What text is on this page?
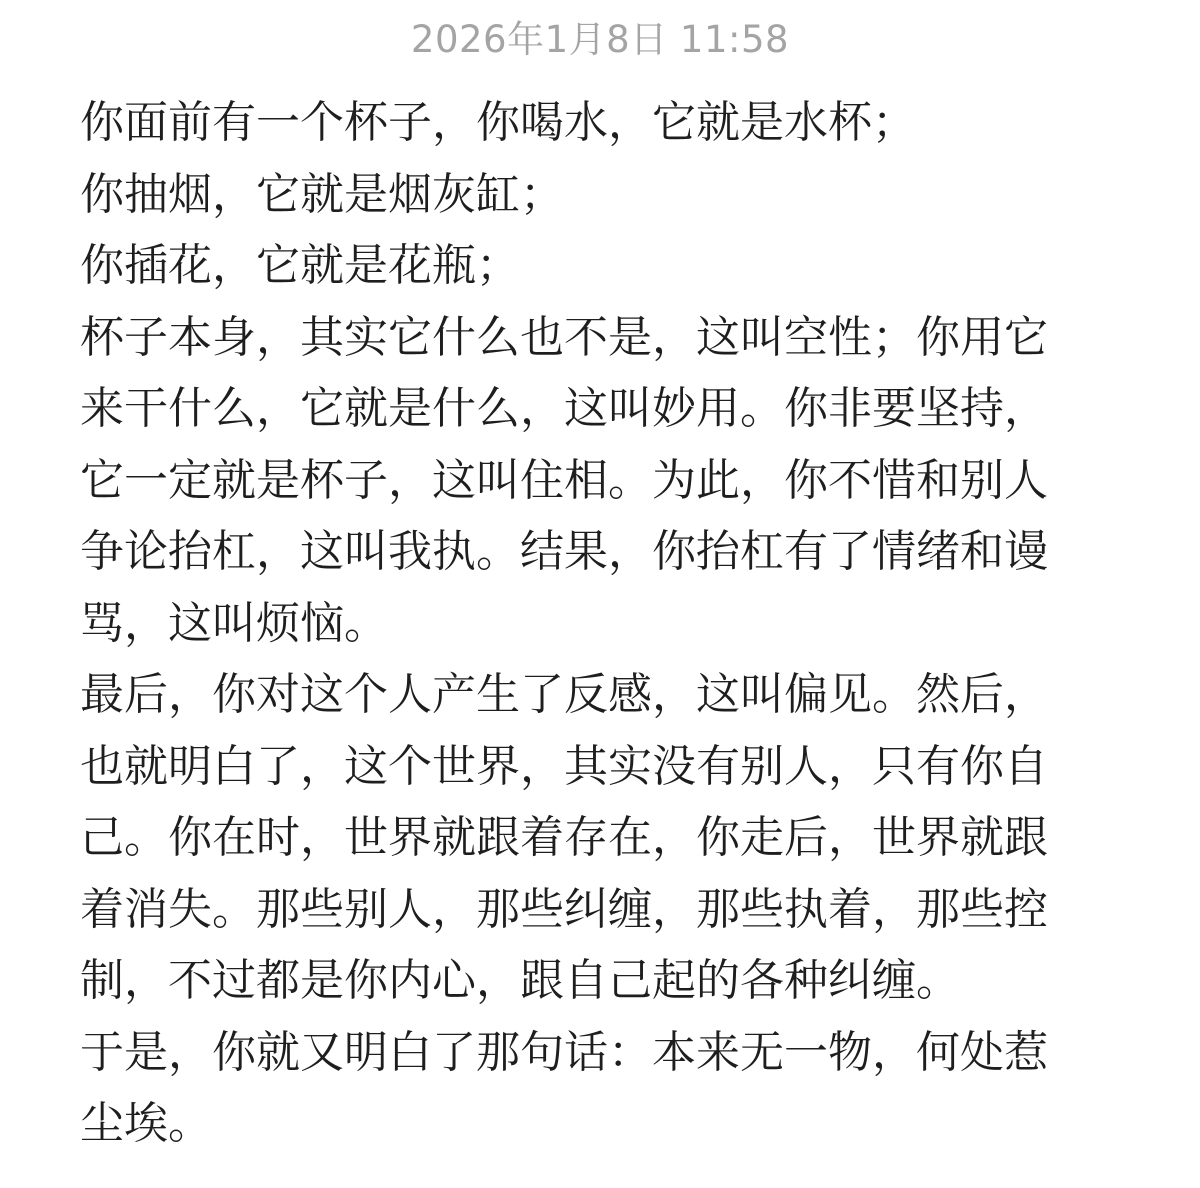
2026年1月8日 11:58
你面前有一个杯子，你喝水，它就是水杯；
你抽烟，它就是烟灰缸；
你插花，它就是花瓶；
杯子本身，其实它什么也不是，这叫空性；你用它
来干什么，它就是什么，这叫妙用。你非要坚持，
它一定就是杯子，这叫住相。为此，你不惜和别人
争论抬杠，这叫我执。结果，你抬杠有了情绪和谩
骂，这叫烦恼。
最后，你对这个人产生了反感，这叫偏见。然后，
也就明白了，这个世界，其实没有别人，只有你自
己。你在时，世界就跟着存在，你走后，世界就跟
着消失。那些别人，那些纠缠，那些执着，那些控
制，不过都是你内心，跟自己起的各种纠缠。
于是，你就又明白了那句话：本来无一物，何处惹
尘埃。
